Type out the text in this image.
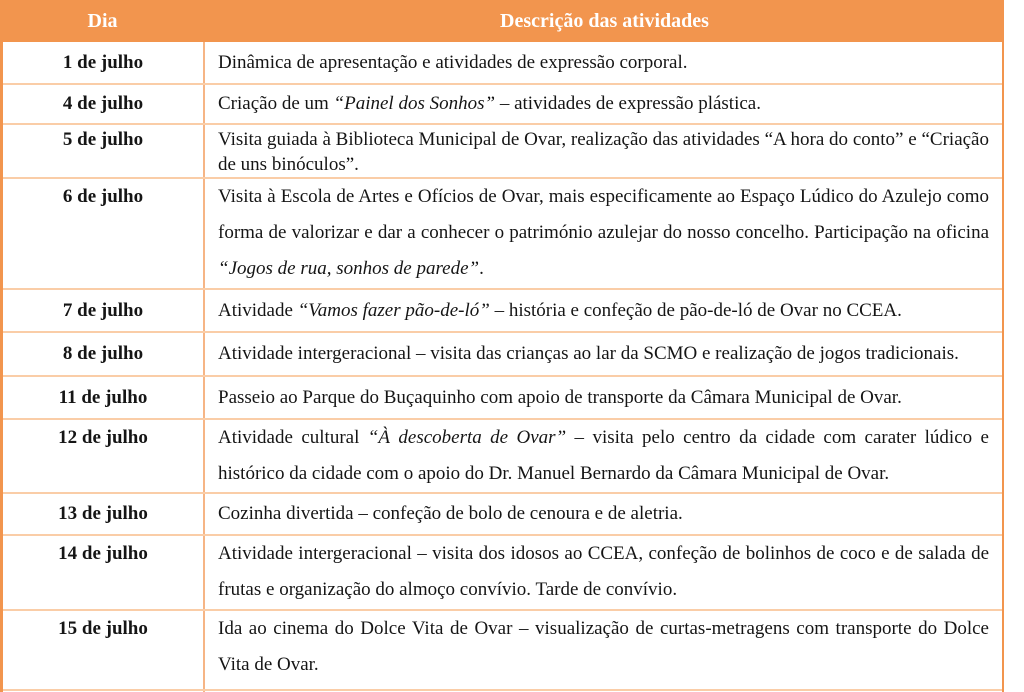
Dia	Descrição das atividades
1 de julho	Dinâmica de apresentação e atividades de expressão corporal.

4 de julho	Criação de um “Painel dos Sonhos” – atividades de expressão plástica.

5 de julho	Visita guiada à Biblioteca Municipal de Ovar, realização das atividades “A hora do conto” e “Criação de uns binóculos”.

6 de julho	Visita à Escola de Artes e Ofícios de Ovar, mais especificamente ao Espaço Lúdico do Azulejo como forma de valorizar e dar a conhecer o património azulejar do nosso concelho. Participação na oficina “Jogos de rua, sonhos de parede”.

7 de julho	Atividade “Vamos fazer pão-de-ló” – história e confeção de pão-de-ló de Ovar no CCEA.

8 de julho	Atividade intergeracional – visita das crianças ao lar da SCMO e realização de jogos tradicionais.

11 de julho	Passeio ao Parque do Buçaquinho com apoio de transporte da Câmara Municipal de Ovar.

12 de julho	Atividade cultural “À descoberta de Ovar” – visita pelo centro da cidade com carater lúdico e histórico da cidade com o apoio do Dr. Manuel Bernardo da Câmara Municipal de Ovar.

13 de julho	Cozinha divertida – confeção de bolo de cenoura e de aletria.

14 de julho	Atividade intergeracional – visita dos idosos ao CCEA, confeção de bolinhos de coco e de salada de frutas e organização do almoço convívio. Tarde de convívio.

15 de julho	Ida ao cinema do Dolce Vita de Ovar – visualização de curtas-metragens com transporte do Dolce Vita de Ovar.
